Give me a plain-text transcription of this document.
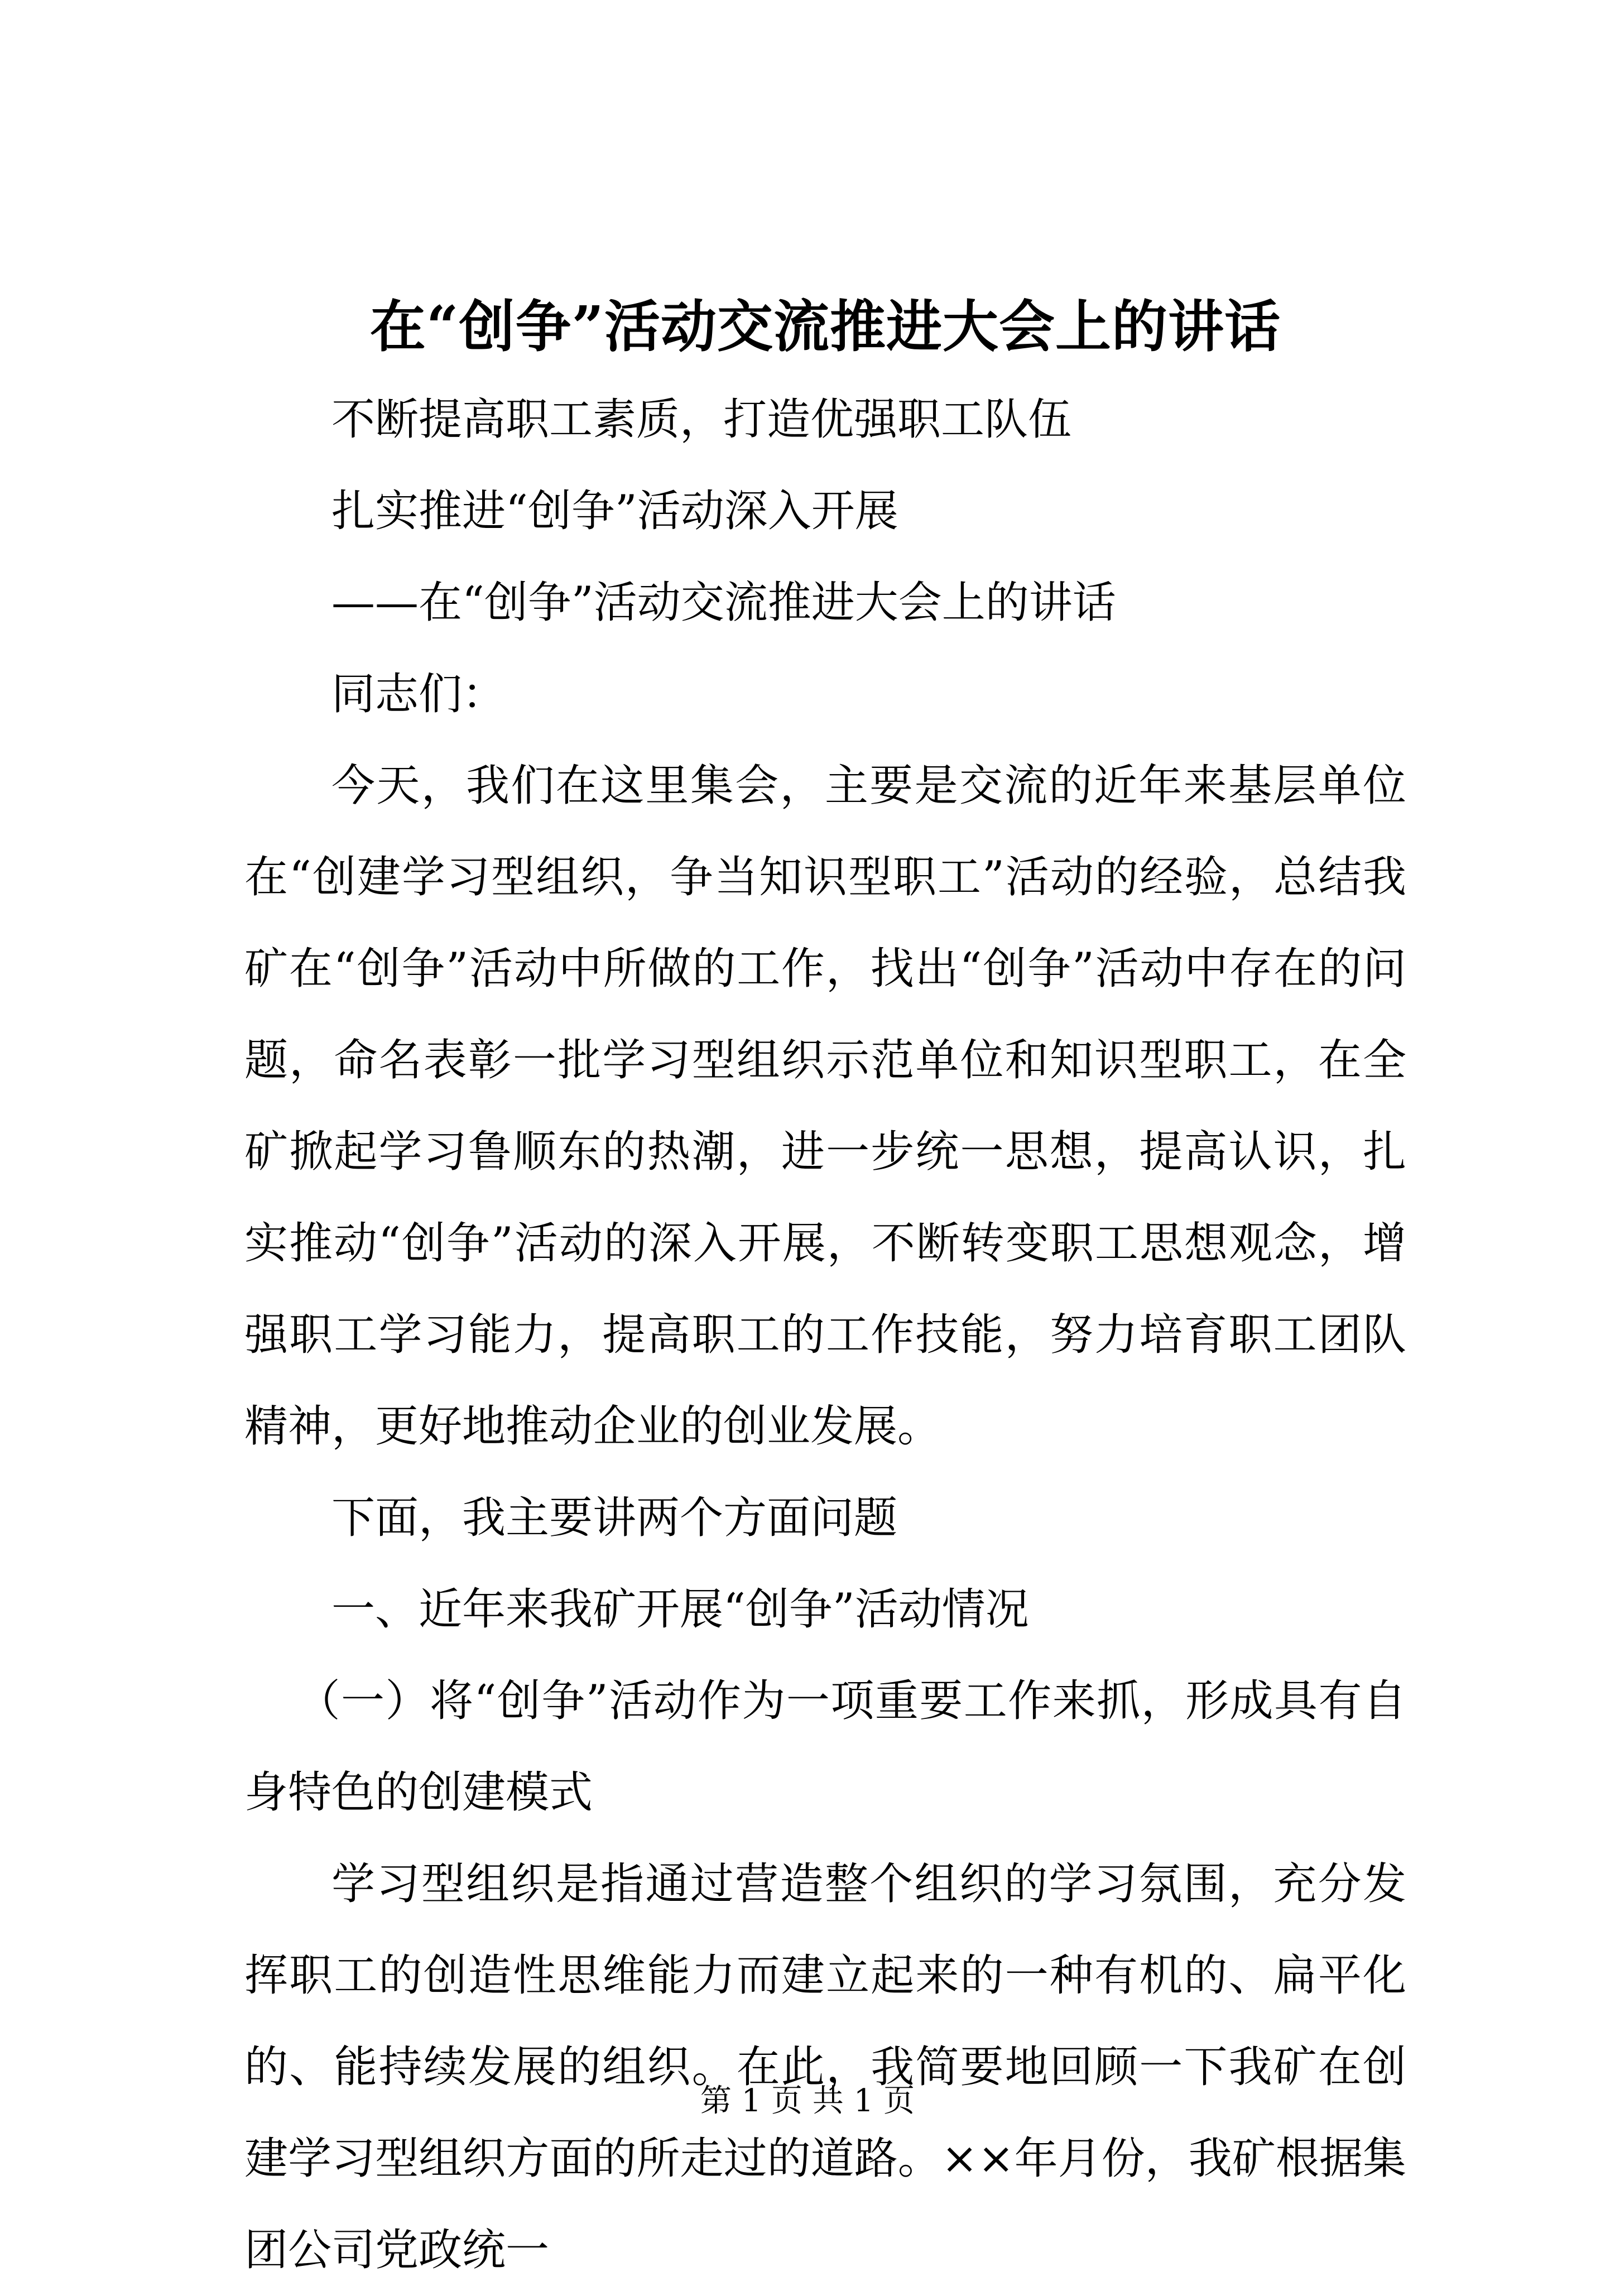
在“创争”活动交流推进大会上的讲话

不断提高职工素质，打造优强职工队伍

扎实推进“创争”活动深入开展

——在“创争”活动交流推进大会上的讲话

同志们：

今天，我们在这里集会，主要是交流的近年来基层单位在“创建学习型组织，争当知识型职工”活动的经验，总结我矿在“创争”活动中所做的工作，找出“创争”活动中存在的问题，命名表彰一批学习型组织示范单位和知识型职工，在全矿掀起学习鲁顺东的热潮，进一步统一思想，提高认识，扎实推动“创争”活动的深入开展，不断转变职工思想观念，增强职工学习能力，提高职工的工作技能，努力培育职工团队精神，更好地推动企业的创业发展。

下面，我主要讲两个方面问题

一、近年来我矿开展“创争”活动情况

（一）将“创争”活动作为一项重要工作来抓，形成具有自身特色的创建模式

学习型组织是指通过营造整个组织的学习氛围，充分发挥职工的创造性思维能力而建立起来的一种有机的、扁平化的、能持续发展的组织。在此，我简要地回顾一下我矿在创建学习型组织方面的所走过的道路。××年月份，我矿根据集团公司党政统一

第 1 页 共 1 页
